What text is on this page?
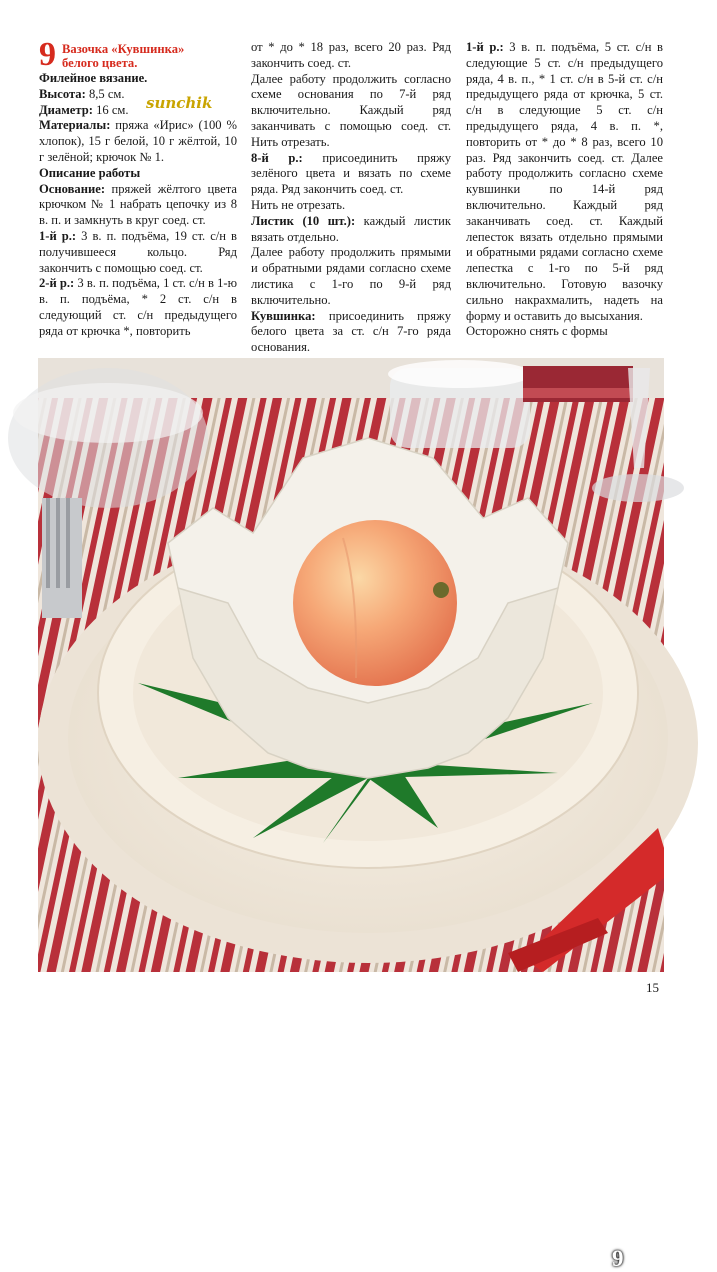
9 Вазочка «Кувшинка»
белого цвета.

Филейное вязание.

Высота: 8,5 см.

Диаметр: 16 см.

Материалы: пряжа «Ирис» (100 % хлопок), 15 г белой, 10 г жёлтой, 10 г зелёной; крючок № 1.

Описание работы

Основание: пряжей жёлтого цвета крючком № 1 набрать цепочку из 8 в. п. и замкнуть в круг соед. ст.

1-й р.: 3 в. п. подъёма, 19 ст. с/н в получившееся кольцо. Ряд закончить с помощью соед. ст.

2-й р.: 3 в. п. подъёма, 1 ст. с/н в 1-ю в. п. подъёма, * 2 ст. с/н в следующий ст. с/н предыдущего ряда от крючка *, повторить

sunchik

от * до * 18 раз, всего 20 раз. Ряд закончить соед. ст.

Далее работу продолжить согласно схеме основания по 7-й ряд включительно. Каждый ряд заканчивать с помощью соед. ст. Нить отрезать.

8-й р.: присоединить пряжу зелёного цвета и вязать по схеме ряда. Ряд закончить соед. ст.

Нить не отрезать.

Листик (10 шт.): каждый листик вязать отдельно.

Далее работу продолжить прямыми и обратными рядами согласно схеме листика с 1-го по 9-й ряд включительно.

Кувшинка: присоединить пряжу белого цвета за ст. с/н 7-го ряда основания.

1-й р.: 3 в. п. подъёма, 5 ст. с/н в следующие 5 ст. с/н предыдущего ряда, 4 в. п., * 1 ст. с/н в 5-й ст. с/н предыдущего ряда от крючка, 5 ст. с/н в следующие 5 ст. с/н предыдущего ряда, 4 в. п. *, повторить от * до * 8 раз, всего 10 раз. Ряд закончить соед. ст. Далее работу продолжить согласно схеме кувшинки по 14-й ряд включительно. Каждый ряд заканчивать соед. ст. Каждый лепесток вязать отдельно прямыми и обратными рядами согласно схеме лепестка с 1-го по 5-й ряд включительно. Готовую вазочку сильно накрахмалить, надеть на форму и оставить до высыхания.

Осторожно снять с формы

9
15
